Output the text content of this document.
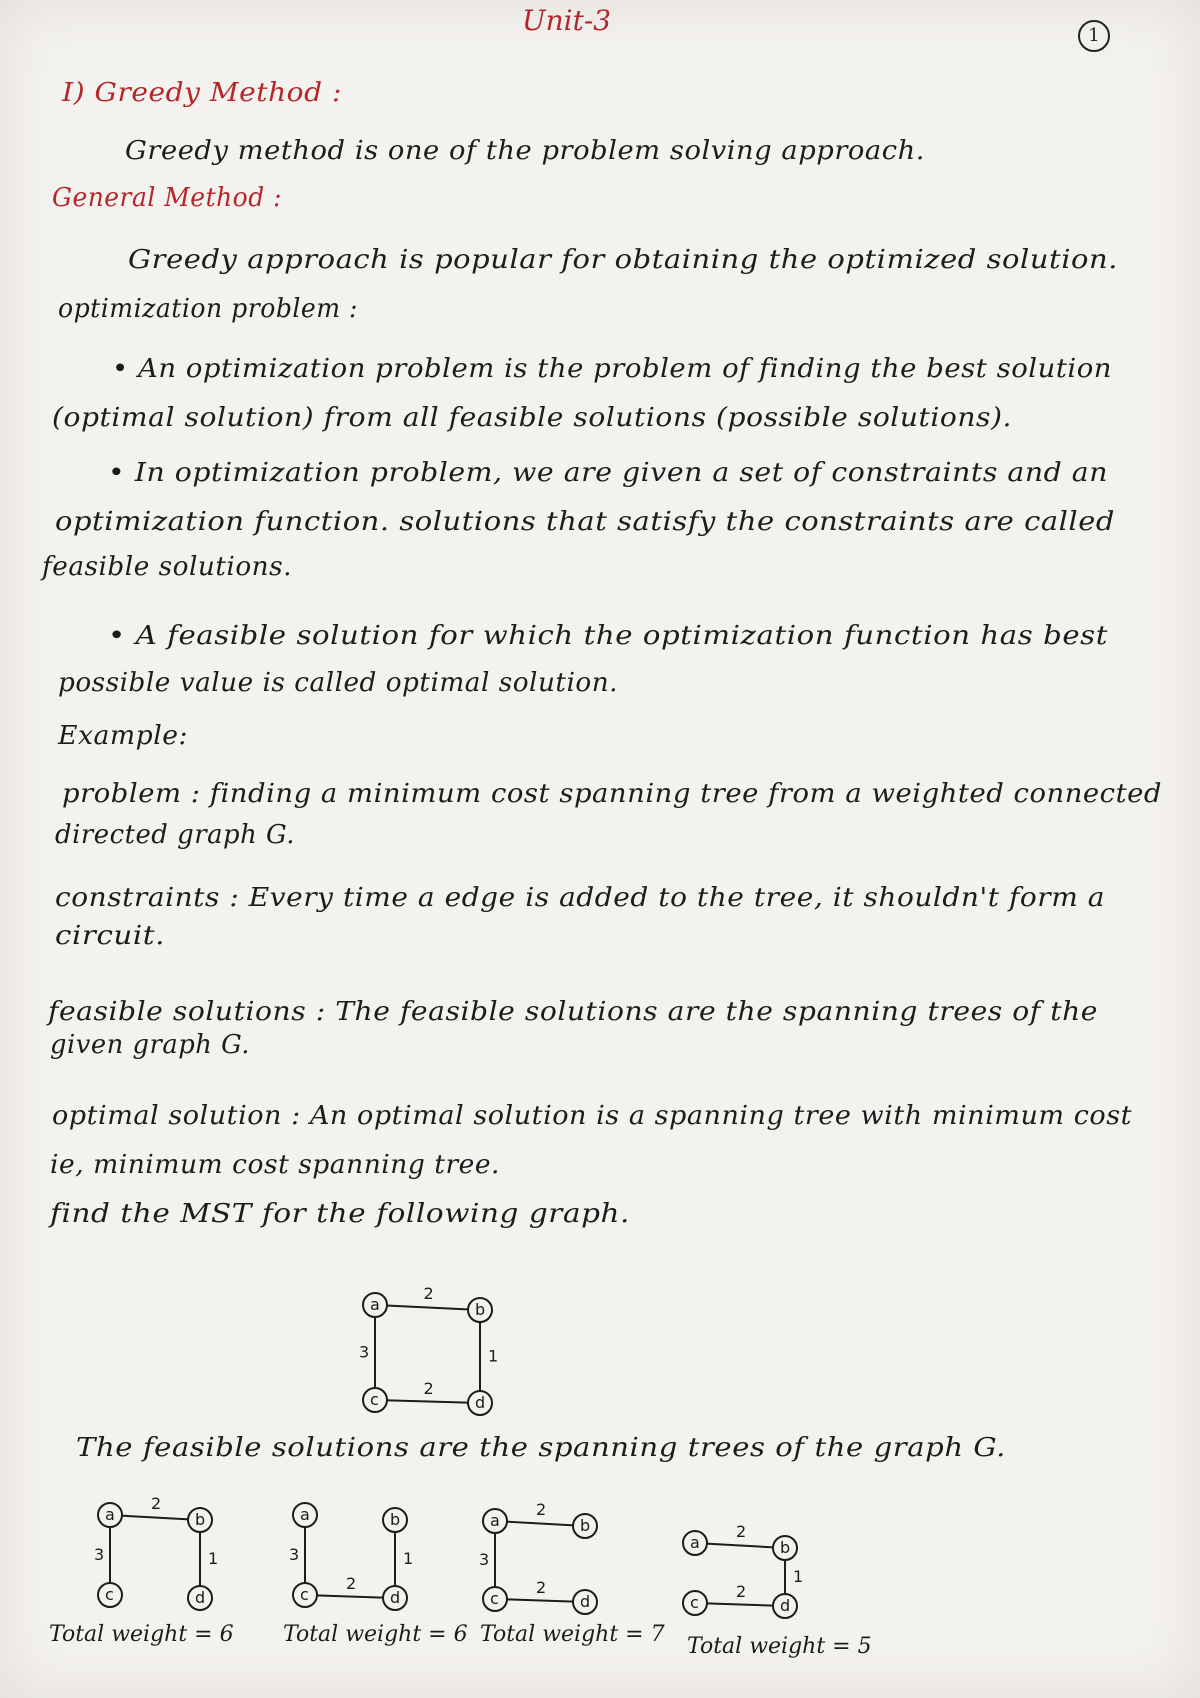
Unit-3	1
I) Greedy Method :
Greedy method is one of the problem solving approach.
General Method :
Greedy approach is popular for obtaining the optimized solution.
optimization problem :
• An optimization problem is the problem of finding the best solution
(optimal solution) from all feasible solutions (possible solutions).
• In optimization problem, we are given a set of constraints and an
optimization function. solutions that satisfy the constraints are called
feasible solutions.
• A feasible solution for which the optimization function has best
possible value is called optimal solution.
Example:
problem : finding a minimum cost spanning tree from a weighted connected
directed graph G.
constraints : Every time a edge is added to the tree, it shouldn't form a
circuit.
feasible solutions : The feasible solutions are the spanning trees of the
given graph G.
optimal solution : An optimal solution is a spanning tree with minimum cost
ie, minimum cost spanning tree.
find the MST for the following graph.
The feasible solutions are the spanning trees of the graph G.
2
3	1
2
a	b
c	d
2
3	1
a	b
c	d
Total weight = 6
3	1
2
a	b
c	d
Total weight = 6
2
3
2
a	b
c	d
Total weight = 7
2
1
2
a	b
c	d
Total weight = 5
